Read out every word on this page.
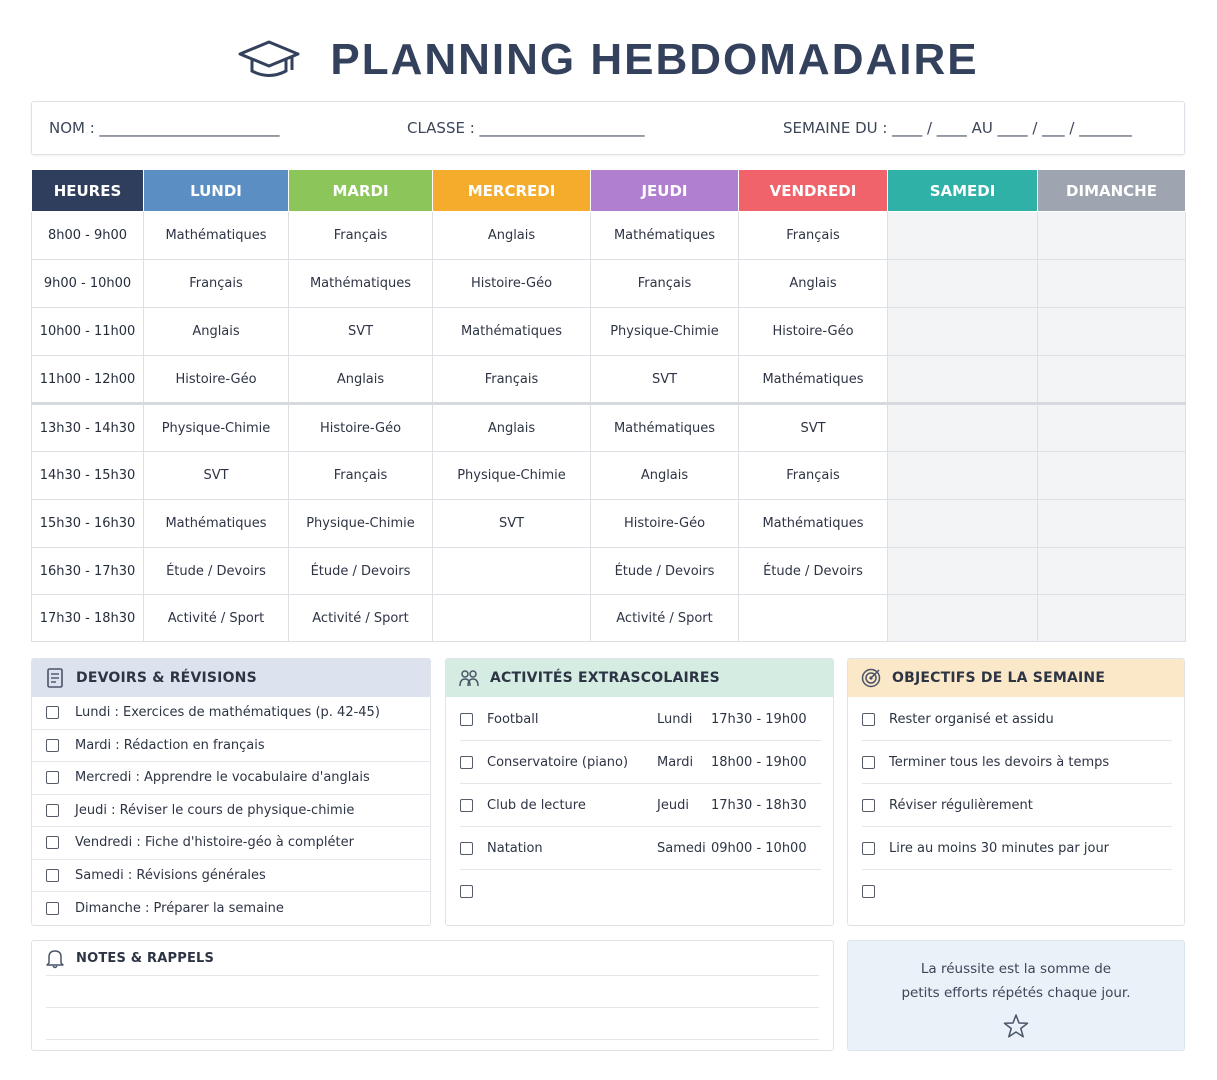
PLANNING HEBDOMADAIRE
NOM : ________________________	CLASSE : ______________________	SEMAINE DU : ____ / ____ AU ____ / ___ / _______
HEURES	LUNDI	MARDI	MERCREDI	JEUDI	VENDREDI	SAMEDI	DIMANCHE
8h00 - 9h00	Mathématiques	Français	Anglais	Mathématiques	Français		
9h00 - 10h00	Français	Mathématiques	Histoire-Géo	Français	Anglais		
10h00 - 11h00	Anglais	SVT	Mathématiques	Physique-Chimie	Histoire-Géo		
11h00 - 12h00	Histoire-Géo	Anglais	Français	SVT	Mathématiques		
13h30 - 14h30	Physique-Chimie	Histoire-Géo	Anglais	Mathématiques	SVT		
14h30 - 15h30	SVT	Français	Physique-Chimie	Anglais	Français		
15h30 - 16h30	Mathématiques	Physique-Chimie	SVT	Histoire-Géo	Mathématiques		
16h30 - 17h30	Étude / Devoirs	Étude / Devoirs		Étude / Devoirs	Étude / Devoirs		
17h30 - 18h30	Activité / Sport	Activité / Sport		Activité / Sport			
DEVOIRS & RÉVISIONS
Lundi : Exercices de mathématiques (p. 42-45)
Mardi : Rédaction en français
Mercredi : Apprendre le vocabulaire d'anglais
Jeudi : Réviser le cours de physique-chimie
Vendredi : Fiche d'histoire-géo à compléter
Samedi : Révisions générales
Dimanche : Préparer la semaine
ACTIVITÉS EXTRASCOLAIRES
Football	Lundi 17h30 - 19h00
Conservatoire (piano) Mardi 18h00 - 19h00
Club de lecture	Jeudi 17h30 - 18h30
Natation	Samedi 09h00 - 10h00
OBJECTIFS DE LA SEMAINE
Rester organisé et assidu
Terminer tous les devoirs à temps
Réviser régulièrement
Lire au moins 30 minutes par jour
NOTES & RAPPELS
La réussite est la somme de
petits efforts répétés chaque jour.
